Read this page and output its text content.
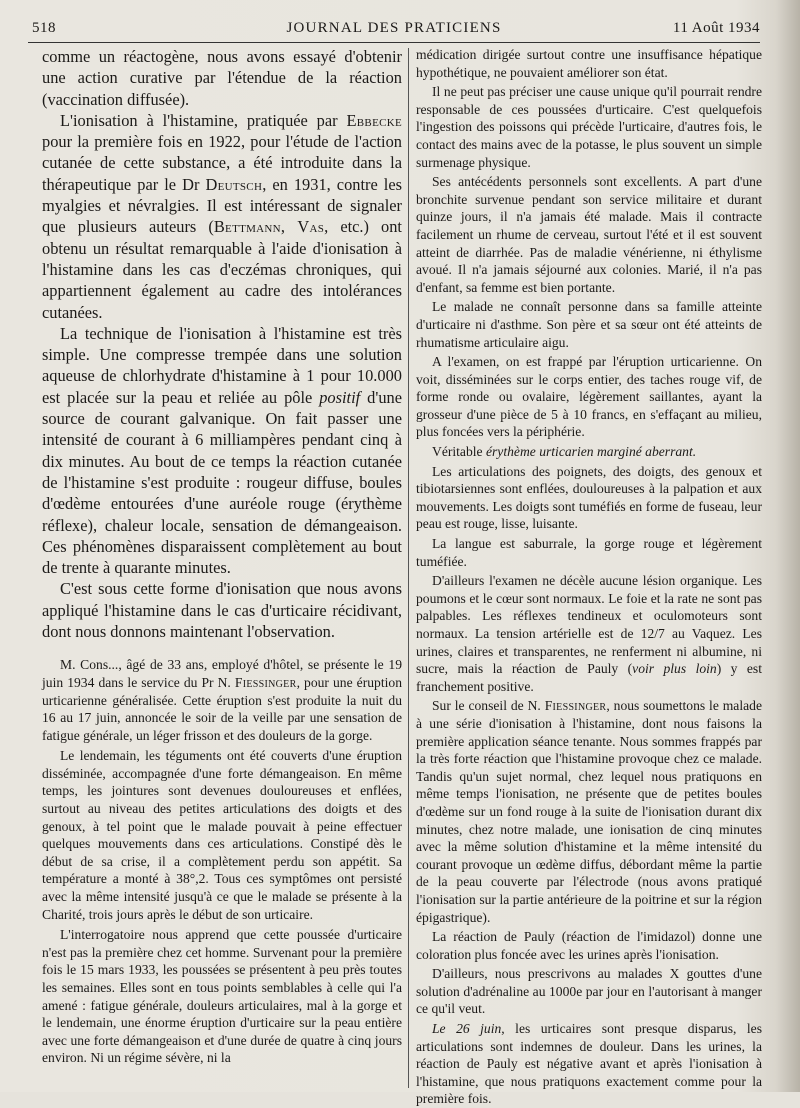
518	JOURNAL DES PRATICIENS	11 Août 1934

comme un réactogène, nous avons essayé d'obtenir une action curative par l'étendue de la réaction (vaccination diffusée).

L'ionisation à l'histamine, pratiquée par Ebbecke pour la première fois en 1922, pour l'étude de l'action cutanée de cette substance, a été introduite dans la thérapeutique par le Dr Deutsch, en 1931, contre les myalgies et névralgies. Il est intéressant de signaler que plusieurs auteurs (Bettmann, Vas, etc.) ont obtenu un résultat remarquable à l'aide d'ionisation à l'histamine dans les cas d'eczémas chroniques, qui appartiennent également au cadre des intolérances cutanées.

La technique de l'ionisation à l'histamine est très simple. Une compresse trempée dans une solution aqueuse de chlorhydrate d'histamine à 1 pour 10.000 est placée sur la peau et reliée au pôle positif d'une source de courant galvanique. On fait passer une intensité de courant à 6 milliampères pendant cinq à dix minutes. Au bout de ce temps la réaction cutanée de l'histamine s'est produite : rougeur diffuse, boules d'œdème entourées d'une auréole rouge (érythème réflexe), chaleur locale, sensation de démangeaison. Ces phénomènes disparaissent complètement au bout de trente à quarante minutes.

C'est sous cette forme d'ionisation que nous avons appliqué l'histamine dans le cas d'urticaire récidivant, dont nous donnons maintenant l'observation.

M. Cons..., âgé de 33 ans, employé d'hôtel, se présente le 19 juin 1934 dans le service du Pr N. Fiessinger, pour une éruption urticarienne généralisée. Cette éruption s'est produite la nuit du 16 au 17 juin, annoncée le soir de la veille par une sensation de fatigue générale, un léger frisson et des douleurs de la gorge.

Le lendemain, les téguments ont été couverts d'une éruption disséminée, accompagnée d'une forte démangeaison. En même temps, les jointures sont devenues douloureuses et enflées, surtout au niveau des petites articulations des doigts et des genoux, à tel point que le malade pouvait à peine effectuer quelques mouvements dans ces articulations. Constipé dès le début de sa crise, il a complètement perdu son appétit. Sa température a monté à 38°,2. Tous ces symptômes ont persisté avec la même intensité jusqu'à ce que le malade se présente à la Charité, trois jours après le début de son urticaire.

L'interrogatoire nous apprend que cette poussée d'urticaire n'est pas la première chez cet homme. Survenant pour la première fois le 15 mars 1933, les poussées se présentent à peu près toutes les semaines. Elles sont en tous points semblables à celle qui l'a amené : fatigue générale, douleurs articulaires, mal à la gorge et le lendemain, une énorme éruption d'urticaire sur la peau entière avec une forte démangeaison et d'une durée de quatre à cinq jours environ. Ni un régime sévère, ni la

médication dirigée surtout contre une insuffisance hépatique hypothétique, ne pouvaient améliorer son état.

Il ne peut pas préciser une cause unique qu'il pourrait rendre responsable de ces poussées d'urticaire. C'est quelquefois l'ingestion des poissons qui précède l'urticaire, d'autres fois, le contact des mains avec de la potasse, le plus souvent un simple surmenage physique.

Ses antécédents personnels sont excellents. A part d'une bronchite survenue pendant son service militaire et durant quinze jours, il n'a jamais été malade. Mais il contracte facilement un rhume de cerveau, surtout l'été et il est souvent atteint de diarrhée. Pas de maladie vénérienne, ni éthylisme avoué. Il n'a jamais séjourné aux colonies. Marié, il n'a pas d'enfant, sa femme est bien portante.

Le malade ne connaît personne dans sa famille atteinte d'urticaire ni d'asthme. Son père et sa sœur ont été atteints de rhumatisme articulaire aigu.

A l'examen, on est frappé par l'éruption urticarienne. On voit, disséminées sur le corps entier, des taches rouge vif, de forme ronde ou ovalaire, légèrement saillantes, ayant la grosseur d'une pièce de 5 à 10 francs, en s'effaçant au milieu, plus foncées vers la périphérie.

Véritable érythème urticarien marginé aberrant.

Les articulations des poignets, des doigts, des genoux et tibiotarsiennes sont enflées, douloureuses à la palpation et aux mouvements. Les doigts sont tuméfiés en forme de fuseau, leur peau est rouge, lisse, luisante.

La langue est saburrale, la gorge rouge et légèrement tuméfiée.

D'ailleurs l'examen ne décèle aucune lésion organique. Les poumons et le cœur sont normaux. Le foie et la rate ne sont pas palpables. Les réflexes tendineux et oculomoteurs sont normaux. La tension artérielle est de 12/7 au Vaquez. Les urines, claires et transparentes, ne renferment ni albumine, ni sucre, mais la réaction de Pauly (voir plus loin) y est franchement positive.

Sur le conseil de N. Fiessinger, nous soumettons le malade à une série d'ionisation à l'histamine, dont nous faisons la première application séance tenante. Nous sommes frappés par la très forte réaction que l'histamine provoque chez ce malade. Tandis qu'un sujet normal, chez lequel nous pratiquons en même temps l'ionisation, ne présente que de petites boules d'œdème sur un fond rouge à la suite de l'ionisation durant dix minutes, chez notre malade, une ionisation de cinq minutes avec la même solution d'histamine et la même intensité du courant provoque un œdème diffus, débordant même la partie de la peau couverte par l'électrode (nous avons pratiqué l'ionisation sur la partie antérieure de la poitrine et sur la région épigastrique).

La réaction de Pauly (réaction de l'imidazol) donne une coloration plus foncée avec les urines après l'ionisation.

D'ailleurs, nous prescrivons au malades X gouttes d'une solution d'adrénaline au 1000e par jour en l'autorisant à manger ce qu'il veut.

Le 26 juin, les urticaires sont presque disparus, les articulations sont indemnes de douleur. Dans les urines, la réaction de Pauly est négative avant et après l'ionisation à l'histamine, que nous pratiquons exactement comme pour la première fois.
